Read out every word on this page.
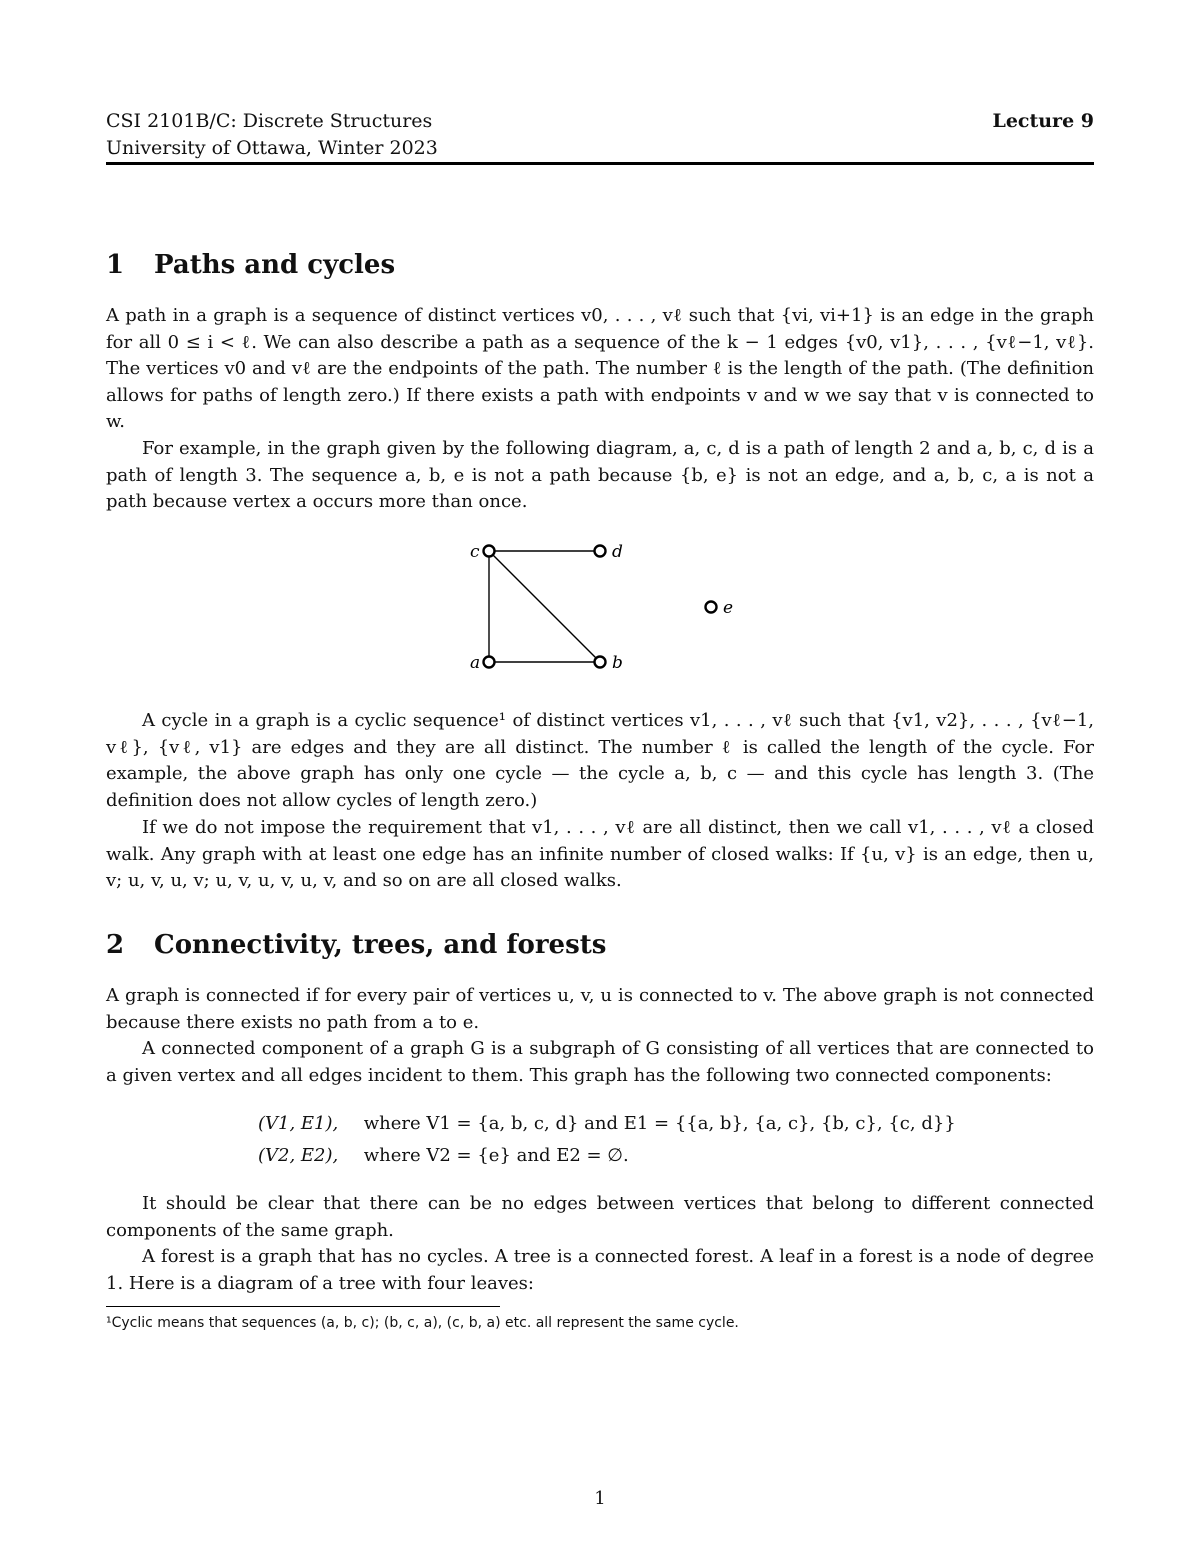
CSI 2101B/C: Discrete Structures
University of Ottawa, Winter 2023
Lecture 9
1 Paths and cycles

A path in a graph is a sequence of distinct vertices v0, . . . , vℓ such that {vi, vi+1} is an edge in the graph for all 0 ≤ i < ℓ. We can also describe a path as a sequence of the k − 1 edges {v0, v1}, . . . , {vℓ−1, vℓ}. The vertices v0 and vℓ are the endpoints of the path. The number ℓ is the length of the path. (The definition allows for paths of length zero.) If there exists a path with endpoints v and w we say that v is connected to w.

For example, in the graph given by the following diagram, a, c, d is a path of length 2 and a, b, c, d is a path of length 3. The sequence a, b, e is not a path because {b, e} is not an edge, and a, b, c, a is not a path because vertex a occurs more than once.

c	d
e
a	b

A cycle in a graph is a cyclic sequence¹ of distinct vertices v1, . . . , vℓ such that {v1, v2}, . . . , {vℓ−1, vℓ}, {vℓ, v1} are edges and they are all distinct. The number ℓ is called the length of the cycle. For example, the above graph has only one cycle — the cycle a, b, c — and this cycle has length 3. (The definition does not allow cycles of length zero.)

If we do not impose the requirement that v1, . . . , vℓ are all distinct, then we call v1, . . . , vℓ a closed walk. Any graph with at least one edge has an infinite number of closed walks: If {u, v} is an edge, then u, v; u, v, u, v; u, v, u, v, u, v, and so on are all closed walks.

2 Connectivity, trees, and forests

A graph is connected if for every pair of vertices u, v, u is connected to v. The above graph is not connected because there exists no path from a to e.

A connected component of a graph G is a subgraph of G consisting of all vertices that are connected to a given vertex and all edges incident to them. This graph has the following two connected components:

(V1, E1), where V1 = {a, b, c, d} and E1 = {{a, b}, {a, c}, {b, c}, {c, d}}
(V2, E2), where V2 = {e} and E2 = ∅.

It should be clear that there can be no edges between vertices that belong to different connected components of the same graph.

A forest is a graph that has no cycles. A tree is a connected forest. A leaf in a forest is a node of degree 1. Here is a diagram of a tree with four leaves:

¹Cyclic means that sequences (a, b, c); (b, c, a), (c, b, a) etc. all represent the same cycle.
1
